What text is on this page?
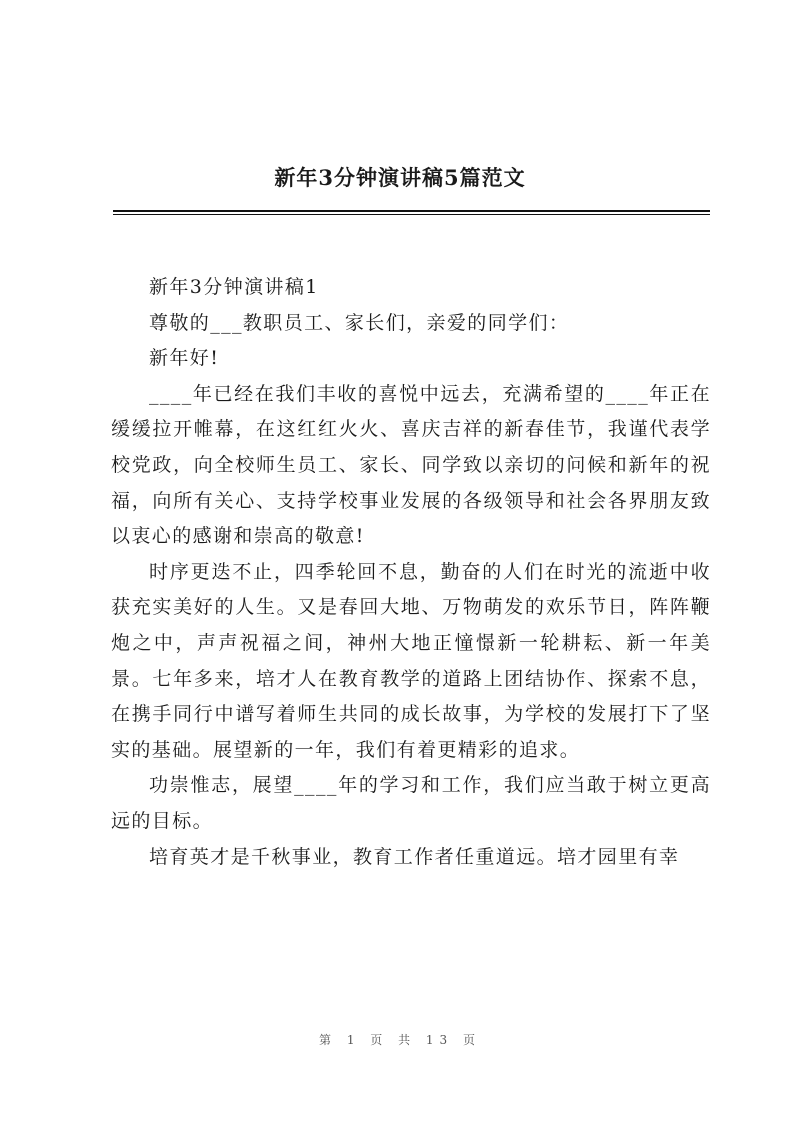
新年3分钟演讲稿5篇范文

新年3分钟演讲稿1

尊敬的___教职员工、家长们，亲爱的同学们：

新年好!

____年已经在我们丰收的喜悦中远去，充满希望的____年正在缓缓拉开帷幕，在这红红火火、喜庆吉祥的新春佳节，我谨代表学校党政，向全校师生员工、家长、同学致以亲切的问候和新年的祝福，向所有关心、支持学校事业发展的各级领导和社会各界朋友致以衷心的感谢和崇高的敬意!

时序更迭不止，四季轮回不息，勤奋的人们在时光的流逝中收获充实美好的人生。又是春回大地、万物萌发的欢乐节日，阵阵鞭炮之中，声声祝福之间，神州大地正憧憬新一轮耕耘、新一年美景。七年多来，培才人在教育教学的道路上团结协作、探索不息，在携手同行中谱写着师生共同的成长故事，为学校的发展打下了坚实的基础。展望新的一年，我们有着更精彩的追求。

功崇惟志，展望____年的学习和工作，我们应当敢于树立更高远的目标。

培育英才是千秋事业，教育工作者任重道远。培才园里有幸

第 1 页 共 13 页
